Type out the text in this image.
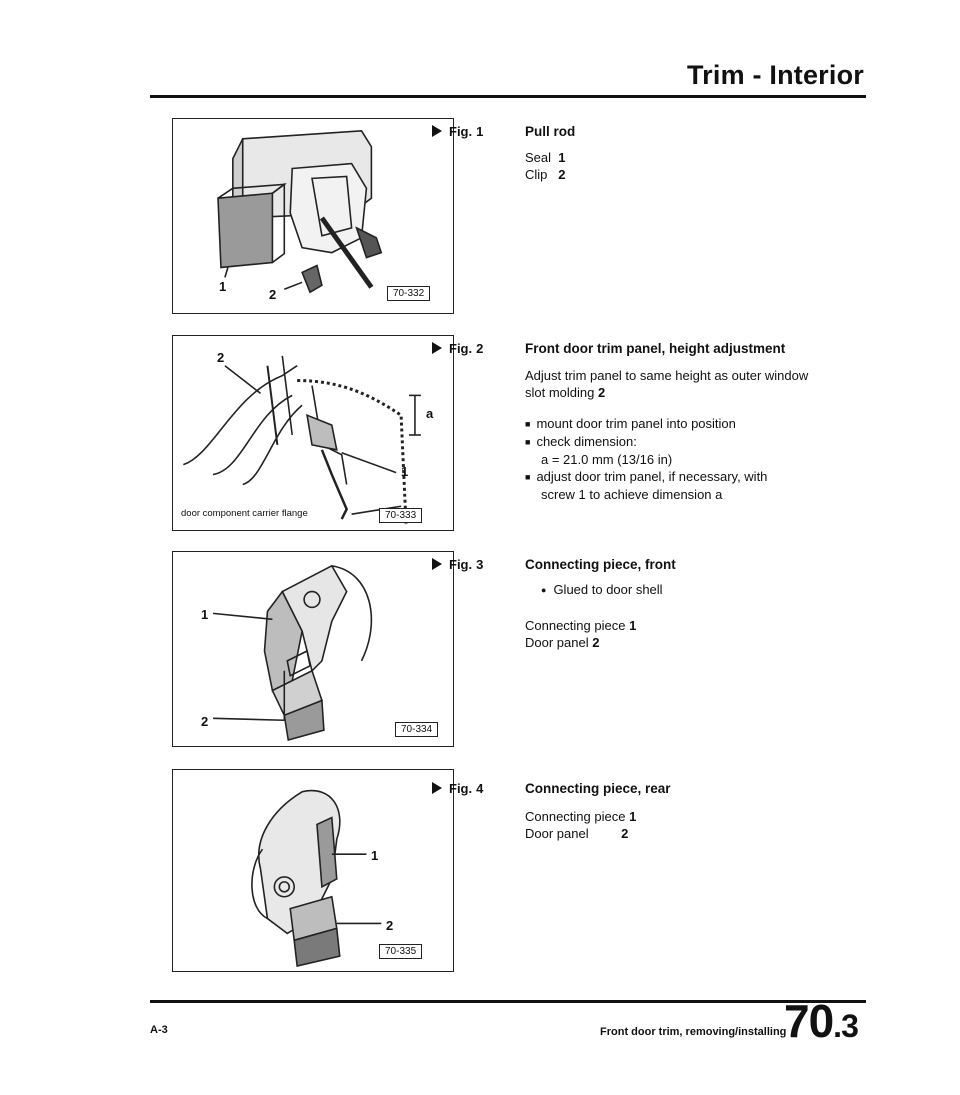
Trim - Interior
1
2	70-332
Fig. 1	Pull rod
Seal 1
Clip 2
2
1
a
door component carrier flange	70-333
Fig. 2	Front door trim panel, height adjustment
Adjust trim panel to same height as outer window slot molding 2
■ mount door trim panel into position
■ check dimension:
a = 21.0 mm (13/16 in)
■ adjust door trim panel, if necessary, with
screw 1 to achieve dimension a
1
2
70-334
Fig. 3	Connecting piece, front
● Glued to door shell
Connecting piece 1
Door panel 2
1
2
70-335
Fig. 4	Connecting piece, rear
Connecting piece 1
Door panel	2
A-3	Front door trim, removing/installing
70.3
